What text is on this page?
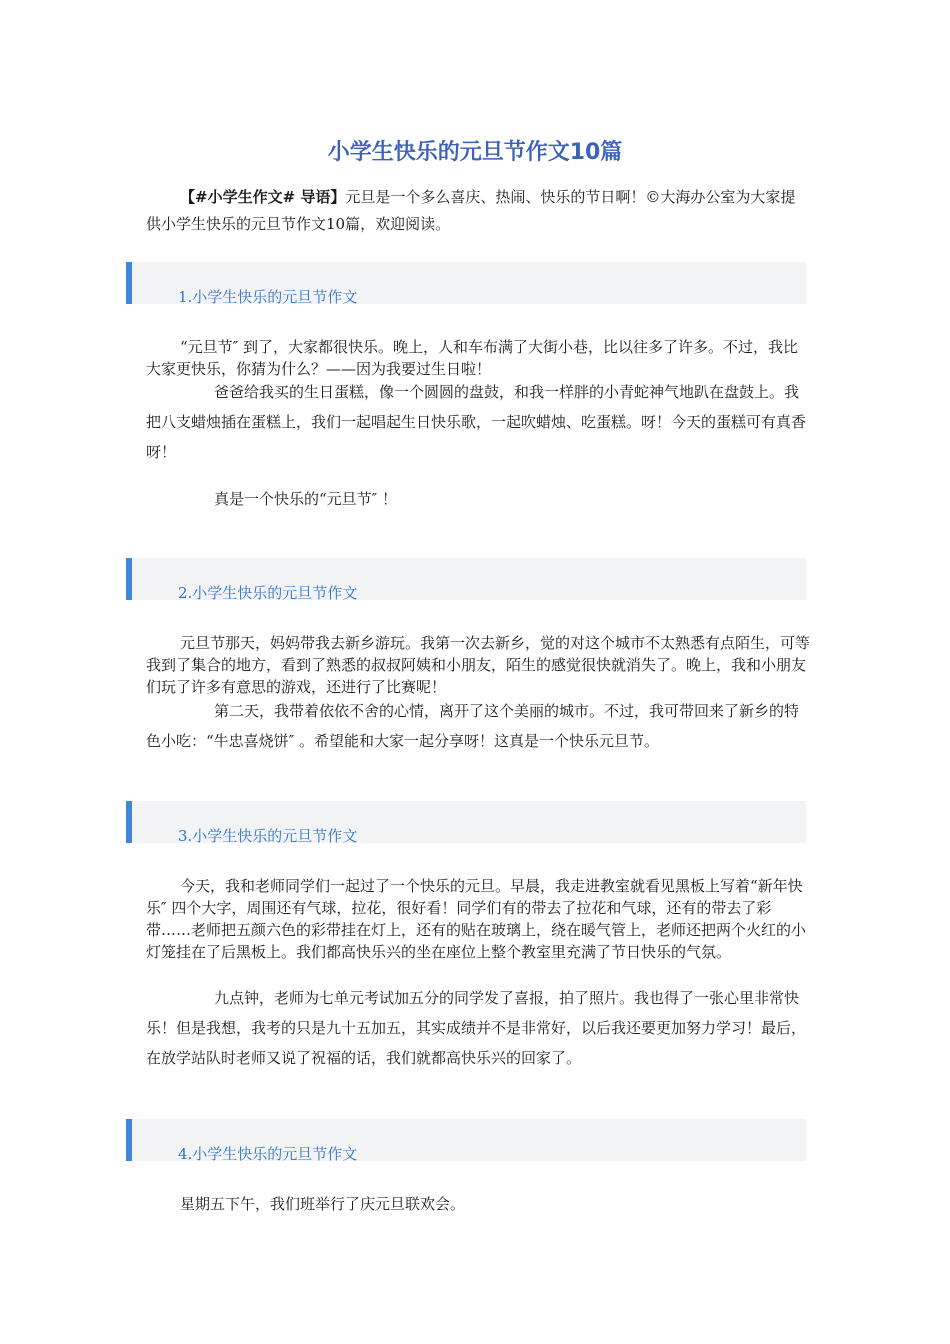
小学生快乐的元旦节作文10篇
【#小学生作文# 导语】元旦是一个多么喜庆、热闹、快乐的节日啊！©大海办公室为大家提供小学生快乐的元旦节作文10篇，欢迎阅读。
1.小学生快乐的元旦节作文

“元旦节″ 到了，大家都很快乐。晚上，人和车布满了大街小巷，比以往多了许多。不过，我比大家更快乐，你猜为什么？——因为我要过生日啦！

爸爸给我买的生日蛋糕，像一个圆圆的盘鼓，和我一样胖的小青蛇神气地趴在盘鼓上。我把八支蜡烛插在蛋糕上，我们一起唱起生日快乐歌，一起吹蜡烛、吃蛋糕。呀！今天的蛋糕可有真香呀！

真是一个快乐的“元旦节″ ！

2.小学生快乐的元旦节作文

元旦节那天，妈妈带我去新乡游玩。我第一次去新乡，觉的对这个城市不太熟悉有点陌生，可等我到了集合的地方，看到了熟悉的叔叔阿姨和小朋友，陌生的感觉很快就消失了。晚上，我和小朋友们玩了许多有意思的游戏，还进行了比赛呢！

第二天，我带着依依不舍的心情，离开了这个美丽的城市。不过，我可带回来了新乡的特色小吃：“牛忠喜烧饼″ 。希望能和大家一起分享呀！这真是一个快乐元旦节。

3.小学生快乐的元旦节作文

今天，我和老师同学们一起过了一个快乐的元旦。早晨，我走进教室就看见黑板上写着“新年快乐″ 四个大字，周围还有气球，拉花，很好看！同学们有的带去了拉花和气球，还有的带去了彩带……老师把五颜六色的彩带挂在灯上，还有的贴在玻璃上，绕在暖气管上，老师还把两个火红的小灯笼挂在了后黑板上。我们都高快乐兴的坐在座位上整个教室里充满了节日快乐的气氛。

九点钟，老师为七单元考试加五分的同学发了喜报，拍了照片。我也得了一张心里非常快乐！但是我想，我考的只是九十五加五，其实成绩并不是非常好，以后我还要更加努力学习！最后，在放学站队时老师又说了祝福的话，我们就都高快乐兴的回家了。

4.小学生快乐的元旦节作文

星期五下午，我们班举行了庆元旦联欢会。
